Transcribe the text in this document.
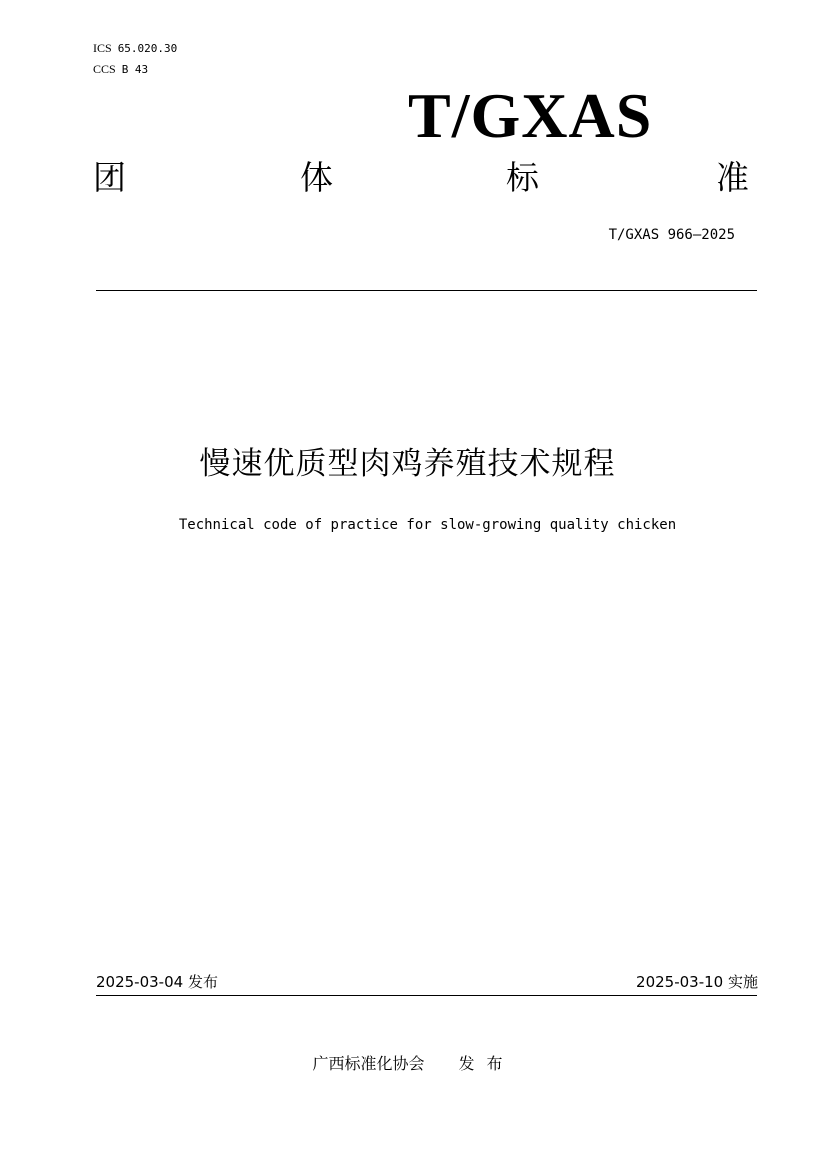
ICS 65.020.30
CCS B 43
T/GXAS
团	体	标	准
T/GXAS 966—2025
慢速优质型肉鸡养殖技术规程
Technical code of practice for slow-growing quality chicken
2025-03-04 发布	2025-03-10 实施
广西标准化协会 发 布
